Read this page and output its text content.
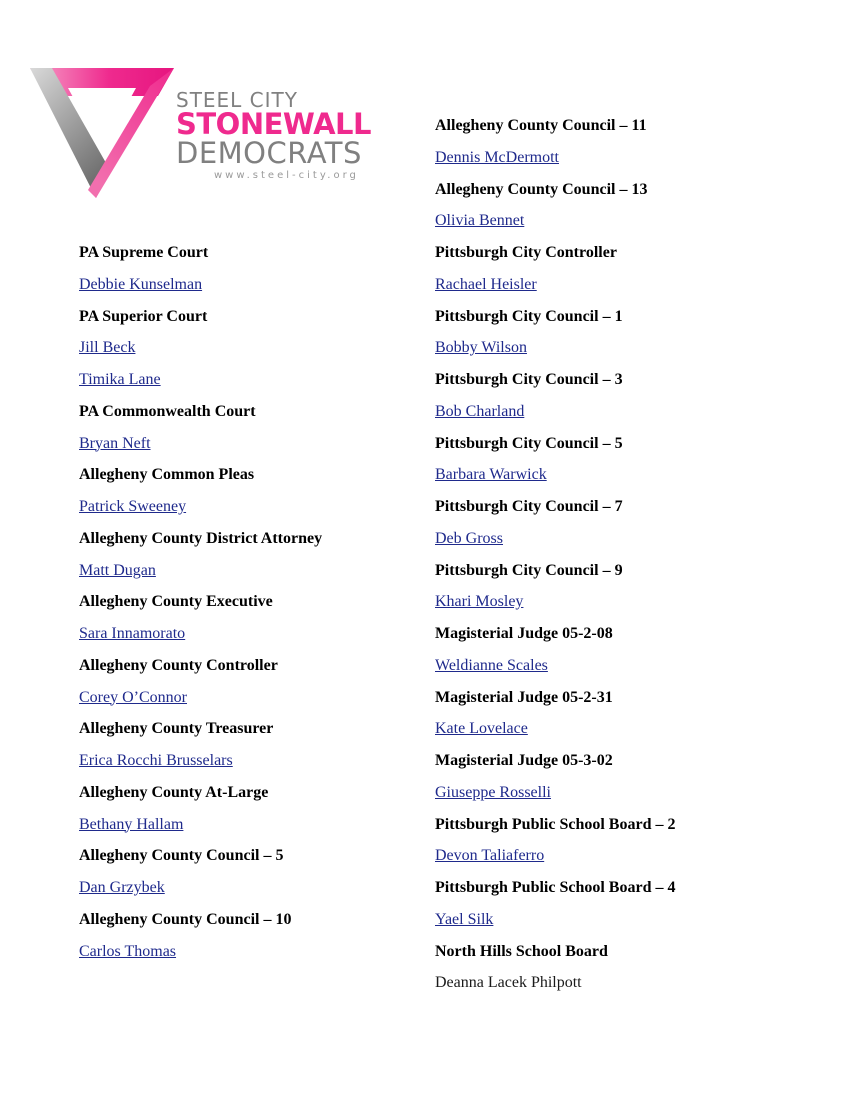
STEEL CITY
STONEWALL
DEMOCRATS
www.steel-city.org
PA Supreme Court
Debbie Kunselman
PA Superior Court
Jill Beck
Timika Lane
PA Commonwealth Court
Bryan Neft
Allegheny Common Pleas
Patrick Sweeney
Allegheny County District Attorney
Matt Dugan
Allegheny County Executive
Sara Innamorato
Allegheny County Controller
Corey O’Connor
Allegheny County Treasurer
Erica Rocchi Brusselars
Allegheny County At-Large
Bethany Hallam
Allegheny County Council – 5
Dan Grzybek
Allegheny County Council – 10
Carlos Thomas
Allegheny County Council – 11
Dennis McDermott
Allegheny County Council – 13
Olivia Bennet
Pittsburgh City Controller
Rachael Heisler
Pittsburgh City Council – 1
Bobby Wilson
Pittsburgh City Council – 3
Bob Charland
Pittsburgh City Council – 5
Barbara Warwick
Pittsburgh City Council – 7
Deb Gross
Pittsburgh City Council – 9
Khari Mosley
Magisterial Judge 05-2-08
Weldianne Scales
Magisterial Judge 05-2-31
Kate Lovelace
Magisterial Judge 05-3-02
Giuseppe Rosselli
Pittsburgh Public School Board – 2
Devon Taliaferro
Pittsburgh Public School Board – 4
Yael Silk
North Hills School Board
Deanna Lacek Philpott
